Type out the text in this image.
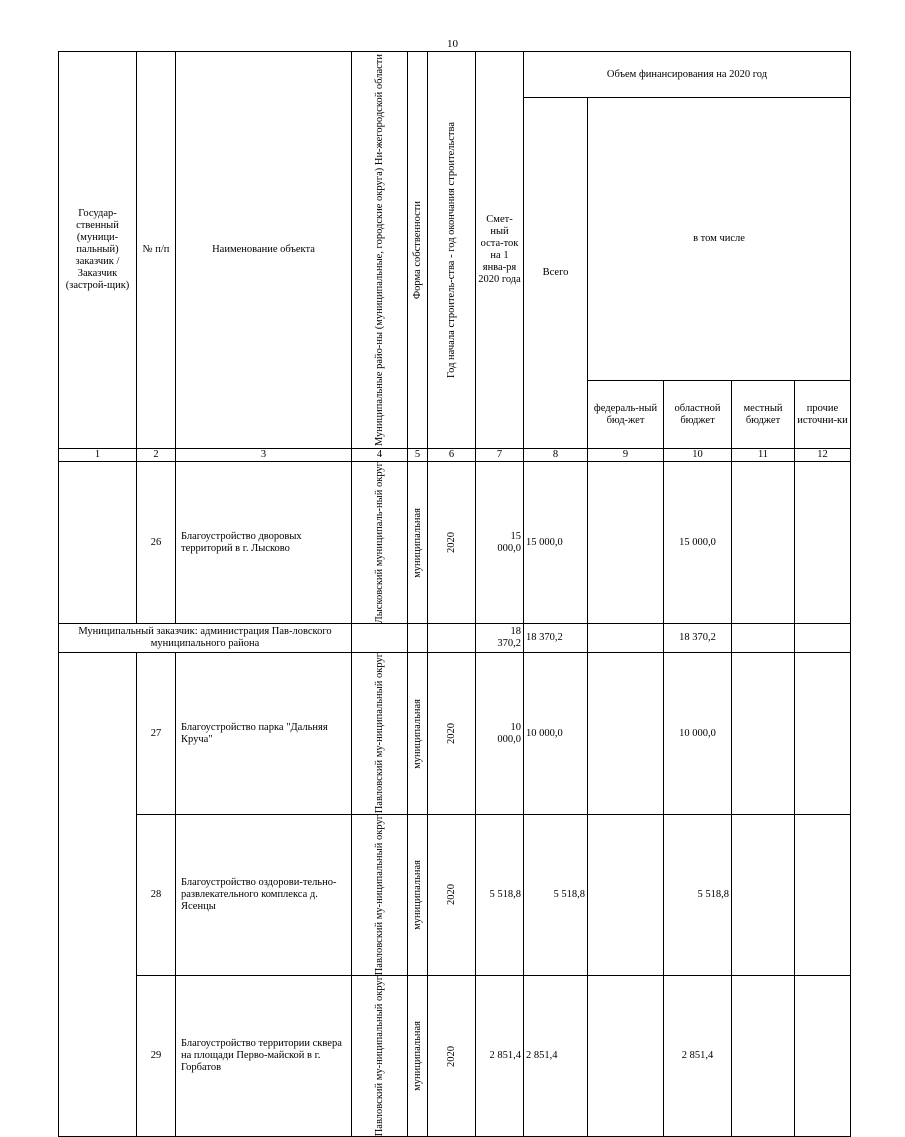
10
Государ-ственный (муници-пальный) заказчик / Заказчик (застрой-щик)	№ п/п	Наименование объекта	Муниципальные райо-ны (муниципальные, городские округа) Ни-жегородской области	Форма собственности	Год начала строитель-ства - год окончания строительства	Смет-ный оста-ток на 1 янва-ря 2020 года	Объем финансирования на 2020 год				
							Всего	в том числе			
								федераль-ный бюд-жет	областной бюджет	местный бюджет	прочие источни-ки
1	2	3	4	5	6	7	8	9	10	11	12
	26	Благоустройство дворовых территорий в г. Лысково	Лысковский муниципаль-ный округ	муниципальная	2020	15 000,0	15 000,0		15 000,0		
Муниципальный заказчик: администрация Пав-ловского муниципального района						18 370,2	18 370,2		18 370,2		
	27	Благоустройство парка "Дальняя Круча"	Павловский му-ниципальный округ	муниципальная	2020	10 000,0	10 000,0		10 000,0		
	28	Благоустройство оздорови-тельно-развлекательного комплекса д. Ясенцы	Павловский му-ниципальный округ	муниципальная	2020	5 518,8	5 518,8		5 518,8		
	29	Благоустройство территории сквера на площади Перво-майской в г. Горбатов	Павловский му-ниципальный округ	муниципальная	2020	2 851,4	2 851,4		2 851,4		
